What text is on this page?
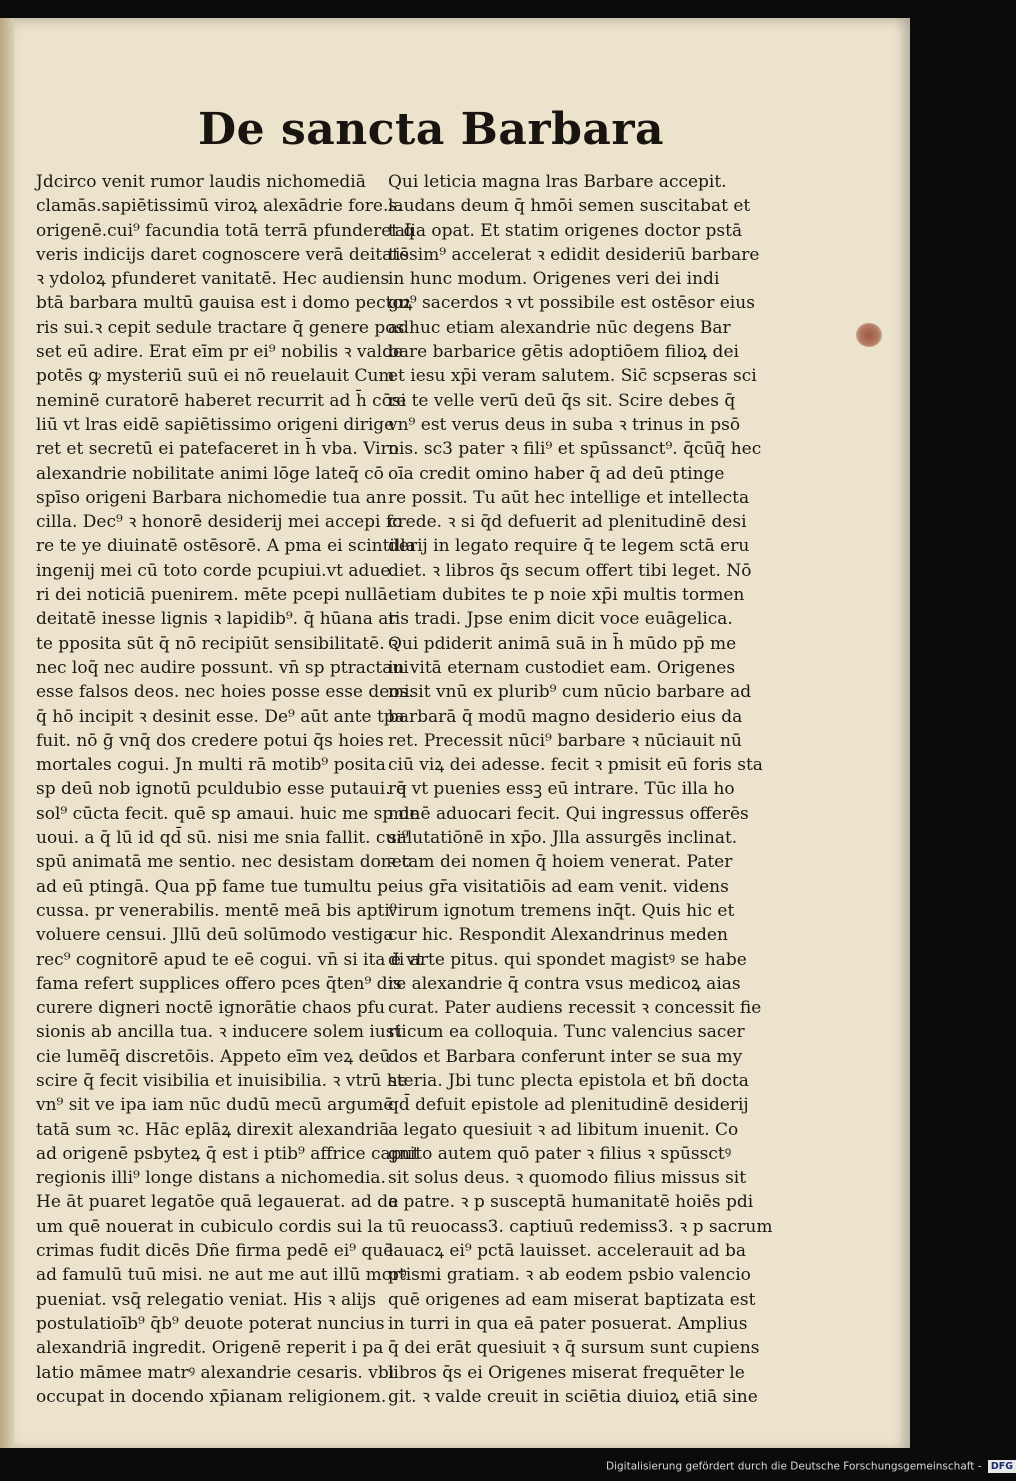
De sancta Barbara
Jdcirco venit rumor laudis nichomediā
clamās.sapiētissimū viroꝝ alexādrie fore.s.
origenē.cui⁹ facundia totā terrā pfunderet q̄
veris indicijs daret cognoscere verā deitatē
ꝛ ydoloꝝ pfunderet vanitatē. Hec audiens
btā barbara multū gauisa est i domo pectoꝝ
ris sui.ꝛ cepit sedule tractare q̄ genere pos
set eū adire. Erat eīm pr ei⁹ nobilis ꝛ valde
potēs ꝙ mysteriū suū ei nō reuelauit Cum
neminē curatorē haberet recurrit ad h̄ cōsi
liū vt lras eidē sapiētissimo origeni dirige
ret et secretū ei patefaceret in h̄ vba. Viro
alexandrie nobilitate animi lōge lateq̄ cō
spīso origeni Barbara nichomedie tua an
cilla. Dec⁹ ꝛ honorē desiderij mei accepi fo
re te ye diuinatē ostēsorē. A pma ei scintilla
ingenij mei cū toto corde pcupiui.vt adue
ri dei noticiā puenirem. mēte pcepi nullā
deitatē inesse lignis ꝛ lapidib⁹. q̄ hūana ar
te pposita sūt q̄ nō recipiūt sensibilitatē. ꝛ
nec loq̄ nec audire possunt. vn̄ sp ptractaui
esse falsos deos. nec hoies posse esse deos.
q̄ hō incipit ꝛ desinit esse. De⁹ aūt ante tpa
fuit. nō ḡ vnq̄ dos credere potui q̄s hoies
mortales cogui. Jn multi rā motib⁹ posita
sp deū nob ignotū pculdubio esse putaui. q̄
sol⁹ cūcta fecit. quē sp amaui. huic me sp de
uoui. a q̄ lū id qd̄ sū. nisi me snia fallit. cui⁹
spū animatā me sentio. nec desistam donec
ad eū ptingā. Qua pp̄ fame tue tumultu p
cussa. pr venerabilis. mentē meā bis apti⁹
voluere censui. Jllū deū solūmodo vestiga
rec⁹ cognitorē apud te eē cogui. vn̄ si ita ē vt
fama refert supplices offero pces q̄ten⁹ dis
curere digneri noctē ignorātie chaos pfu
sionis ab ancilla tua. ꝛ inducere solem iusti
cie lumēq̄ discretōis. Appeto eīm veꝝ deū
scire q̄ fecit visibilia et inuisibilia. ꝛ vtrū he
vn⁹ sit ve ipa iam nūc dudū mecū argumē
tatā sum ꝛc. Hāc eplāꝝ direxit alexandriā
ad origenē psbyteꝝ q̄ est i ptib⁹ affrice caput
regionis illi⁹ longe distans a nichomedia.
He āt puaret legatōe quā legauerat. ad de
um quē nouerat in cubiculo cordis sui la
crimas fudit dicēs Dñe firma pedē ei⁹ quē
ad famulū tuū misi. ne aut me aut illū morꝰ
pueniat. vsq̄ relegatio veniat. His ꝛ alijs
postulatioīb⁹ q̄b⁹ deuote poterat nuncius
alexandriā ingredit. Origenē reperit i pa
latio māmee matrꝰ alexandrie cesaris. vbi
occupat in docendo xp̄ianam religionem.
Qui leticia magna lras Barbare accepit.
laudans deum q̄ hmōi semen suscitabat et
talia opat. Et statim origenes doctor pstā
tissim⁹ accelerat ꝛ edidit desideriū barbare
in hunc modum. Origenes veri dei indi
gn⁹ sacerdos ꝛ vt possibile est ostēsor eius
adhuc etiam alexandrie nūc degens Bar
bare barbarice gētis adoptiōem filioꝝ dei
et iesu xp̄i veram salutem. Sic̄ scpseras sci
re te velle verū deū q̄s sit. Scire debes q̄
vn⁹ est verus deus in suba ꝛ trinus in psō
nis. sc3 pater ꝛ fili⁹ et spūssanct⁹. q̄cūq̄ hec
oīa credit omino haber q̄ ad deū ptinge
re possit. Tu aūt hec intellige et intellecta
crede. ꝛ si q̄d defuerit ad plenitudinē desi
derij in legato require q̄ te legem sctā eru
diet. ꝛ libros q̄s secum offert tibi leget. Nō
etiam dubites te p noie xp̄i multis tormen
tis tradi. Jpse enim dicit voce euāgelica.
Qui pdiderit animā suā in h̄ mūdo pp̄ me
in vitā eternam custodiet eam. Origenes
misit vnū ex plurib⁹ cum nūcio barbare ad
barbarā q̄ modū magno desiderio eius da
ret. Precessit nūci⁹ barbare ꝛ nūciauit nū
ciū viꝝ dei adesse. fecit ꝛ pmisit eū foris sta
re vt puenies essꝫ eū intrare. Tūc illa ho
minē aduocari fecit. Qui ingressus offerēs
salutatiōnē in xp̄o. Jlla assurgēs inclinat.
ꝛ tam dei nomen q̄ hoiem venerat. Pater
eius gr̄a visitatiōis ad eam venit. videns
virum ignotum tremens inq̄t. Quis hic et
cur hic. Respondit Alexandrinus meden
di arte pitus. qui spondet magistꝰ se habe
re alexandrie q̄ contra vsus medicoꝝ aias
curat. Pater audiens recessit ꝛ concessit fie
ri cum ea colloquia. Tunc valencius sacer
dos et Barbara conferunt inter se sua my
steria. Jbi tunc plecta epistola et bñ docta
qd̄ defuit epistole ad plenitudinē desiderij
a legato quesiuit ꝛ ad libitum inuenit. Co
gnito autem quō pater ꝛ filius ꝛ spūssctꝰ
sit solus deus. ꝛ quomodo filius missus sit
a patre. ꝛ p susceptā humanitatē hoiēs pdi
tū reuocass3. captiuū redemiss3. ꝛ p sacrum
lauacꝝ ei⁹ pctā lauisset. accelerauit ad ba
ptismi gratiam. ꝛ ab eodem psbio valencio
quē origenes ad eam miserat baptizata est
in turri in qua eā pater posuerat. Amplius
q̄ dei erāt quesiuit ꝛ q̄ sursum sunt cupiens
libros q̄s ei Origenes miserat frequēter le
git. ꝛ valde creuit in sciētia diuioꝝ etiā sine
Digitalisierung gefördert durch die Deutsche Forschungsgemeinschaft - DFG
